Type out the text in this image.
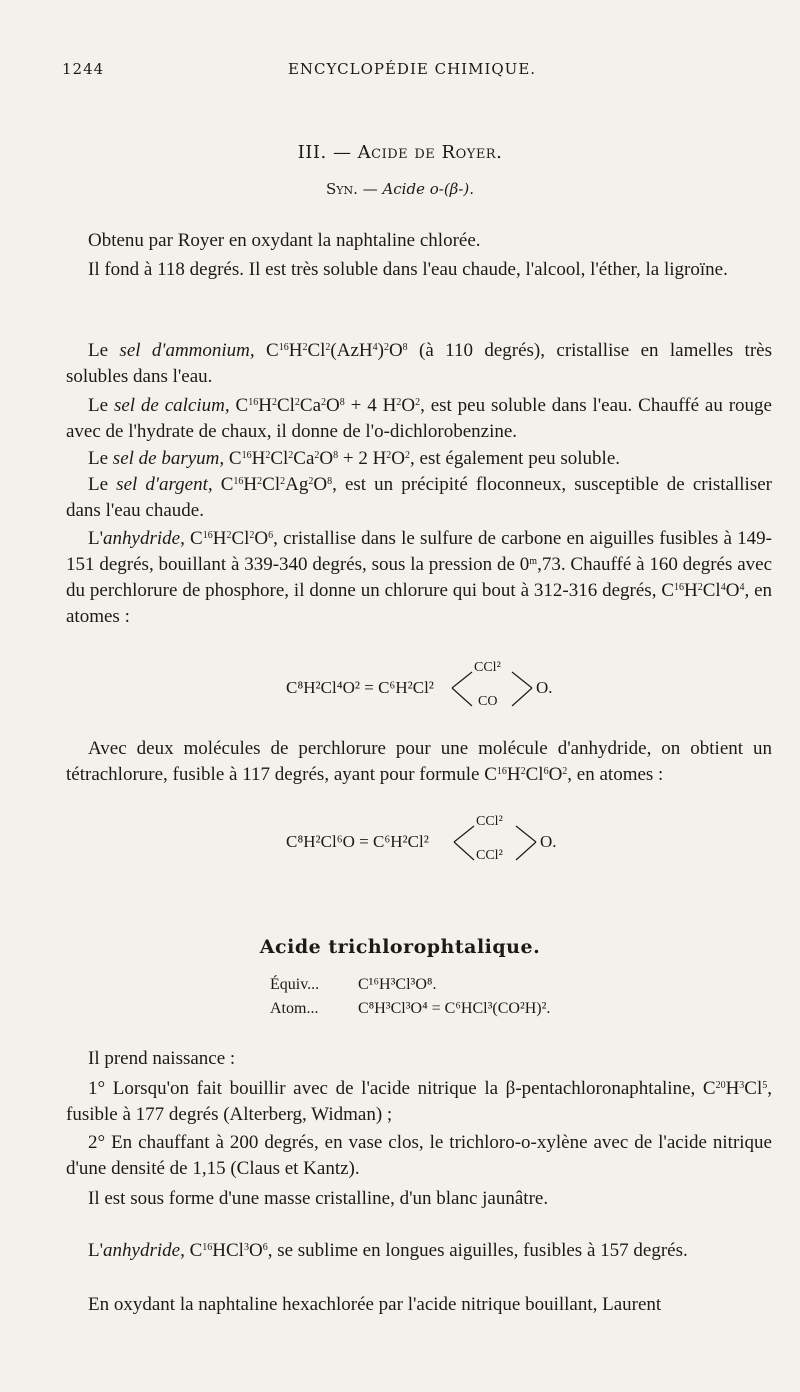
1244	ENCYCLOPÉDIE CHIMIQUE.
III. — Acide de Royer.
Syn. — Acide o-(β-).
Obtenu par Royer en oxydant la naphtaline chlorée.
Il fond à 118 degrés. Il est très soluble dans l'eau chaude, l'alcool, l'éther, la ligroïne.
Le sel d'ammonium, $C^{16}H^2Cl^2(AzH^4)^2O^8$ (à 110 degrés), cristallise en lamelles très solubles dans l'eau.
Le sel de calcium, $C^{16}H^2Cl^2Ca^2O^8 + 4$ $H^2O^2$, est peu soluble dans l'eau. Chauffé au rouge avec de l'hydrate de chaux, il donne de l'o-dichlorobenzine.
Le sel de baryum, $C^{16}H^2Cl^2Ca^2O^8 + 2$ $H^2O^2$, est également peu soluble.
Le sel d'argent, $C^{16}H^2Cl^2Ag^2O^8$, est un précipité floconneux, susceptible de cristalliser dans l'eau chaude.
L'anhydride, $C^{16}H^2Cl^2O^6$, cristallise dans le sulfure de carbone en aiguilles fusibles à 149-151 degrés, bouillant à 339-340 degrés, sous la pression de 0$^m$,73. Chauffé à 160 degrés avec du perchlorure de phosphore, il donne un chlorure qui bout à 312-316 degrés, $C^{16}H^2Cl^4O^4$, en atomes :
C⁸H²Cl⁴O² = C⁶H²Cl²
CCl²
CO
O.
Avec deux molécules de perchlorure pour une molécule d'anhydride, on obtient un tétrachlorure, fusible à 117 degrés, ayant pour formule $C^{16}H^2Cl^6O^2$, en atomes :
C⁸H²Cl⁶O = C⁶H²Cl²
CCl²
CCl²
O.
Acide trichlorophtalique.
Équiv... C¹⁶H³Cl³O⁸.
Atom... C⁸H³Cl³O⁴ = C⁶HCl³(CO²H)².
Il prend naissance :
1° Lorsqu'on fait bouillir avec de l'acide nitrique la β-pentachloronaphtaline, $C^{20}H^3Cl^5$, fusible à 177 degrés (Alterberg, Widman) ;
2° En chauffant à 200 degrés, en vase clos, le trichloro-o-xylène avec de l'acide nitrique d'une densité de 1,15 (Claus et Kantz).
Il est sous forme d'une masse cristalline, d'un blanc jaunâtre.
L'anhydride, $C^{16}HCl^3O^6$, se sublime en longues aiguilles, fusibles à 157 degrés.
En oxydant la naphtaline hexachlorée par l'acide nitrique bouillant, Laurent
